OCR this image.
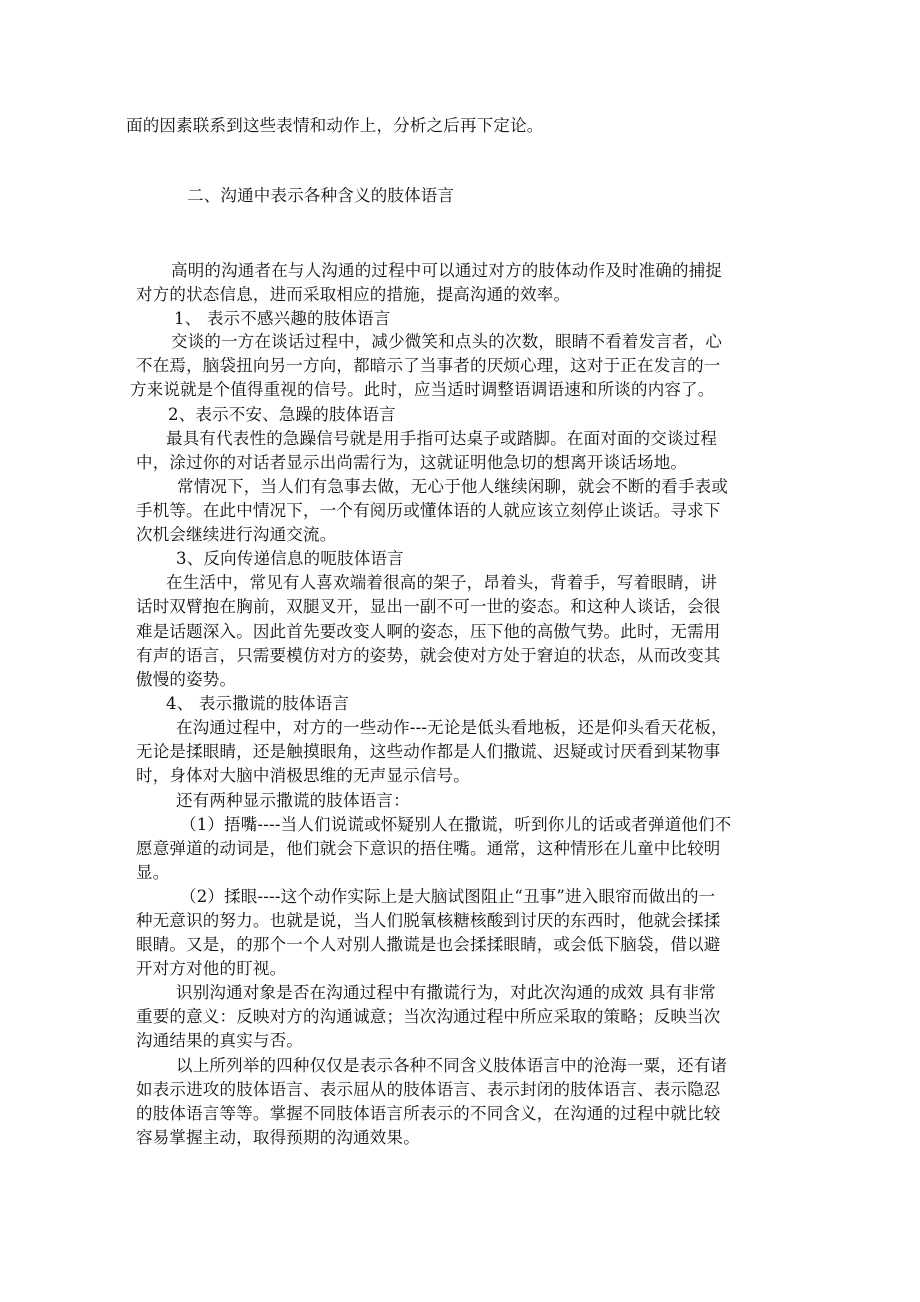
面的因素联系到这些表情和动作上，分析之后再下定论。

二、沟通中表示各种含义的肢体语言

高明的沟通者在与人沟通的过程中可以通过对方的肢体动作及时准确的捕捉

对方的状态信息，进而采取相应的措施，提高沟通的效率。

1、 表示不感兴趣的肢体语言

交谈的一方在谈话过程中，减少微笑和点头的次数，眼睛不看着发言者，心

不在焉，脑袋扭向另一方向，都暗示了当事者的厌烦心理，这对于正在发言的一

方来说就是个值得重视的信号。此时，应当适时调整语调语速和所谈的内容了。

2、表示不安、急躁的肢体语言

最具有代表性的急躁信号就是用手指可达桌子或踏脚。在面对面的交谈过程

中，涂过你的对话者显示出尚需行为，这就证明他急切的想离开谈话场地。

常情况下，当人们有急事去做，无心于他人继续闲聊，就会不断的看手表或

手机等。在此中情况下，一个有阅历或懂体语的人就应该立刻停止谈话。寻求下

次机会继续进行沟通交流。

3、反向传递信息的呃肢体语言

在生活中，常见有人喜欢端着很高的架子，昂着头，背着手，写着眼睛，讲

话时双臂抱在胸前，双腿叉开，显出一副不可一世的姿态。和这种人谈话，会很

难是话题深入。因此首先要改变人啊的姿态，压下他的高傲气势。此时，无需用

有声的语言，只需要模仿对方的姿势，就会使对方处于窘迫的状态，从而改变其

傲慢的姿势。

4、 表示撒谎的肢体语言

在沟通过程中，对方的一些动作---无论是低头看地板，还是仰头看天花板，

无论是揉眼睛，还是触摸眼角，这些动作都是人们撒谎、迟疑或讨厌看到某物事

时，身体对大脑中消极思维的无声显示信号。

还有两种显示撒谎的肢体语言：

（1）捂嘴----当人们说谎或怀疑别人在撒谎，听到你儿的话或者弹道他们不

愿意弹道的动词是，他们就会下意识的捂住嘴。通常，这种情形在儿童中比较明

显。

（2）揉眼----这个动作实际上是大脑试图阻止“丑事”进入眼帘而做出的一

种无意识的努力。也就是说，当人们脱氧核糖核酸到讨厌的东西时，他就会揉揉

眼睛。又是，的那个一个人对别人撒谎是也会揉揉眼睛，或会低下脑袋，借以避

开对方对他的盯视。

识别沟通对象是否在沟通过程中有撒谎行为，对此次沟通的成效 具有非常

重要的意义：反映对方的沟通诚意；当次沟通过程中所应采取的策略；反映当次

沟通结果的真实与否。

以上所列举的四种仅仅是表示各种不同含义肢体语言中的沧海一粟，还有诸

如表示进攻的肢体语言、表示屈从的肢体语言、表示封闭的肢体语言、表示隐忍

的肢体语言等等。掌握不同肢体语言所表示的不同含义，在沟通的过程中就比较

容易掌握主动，取得预期的沟通效果。
